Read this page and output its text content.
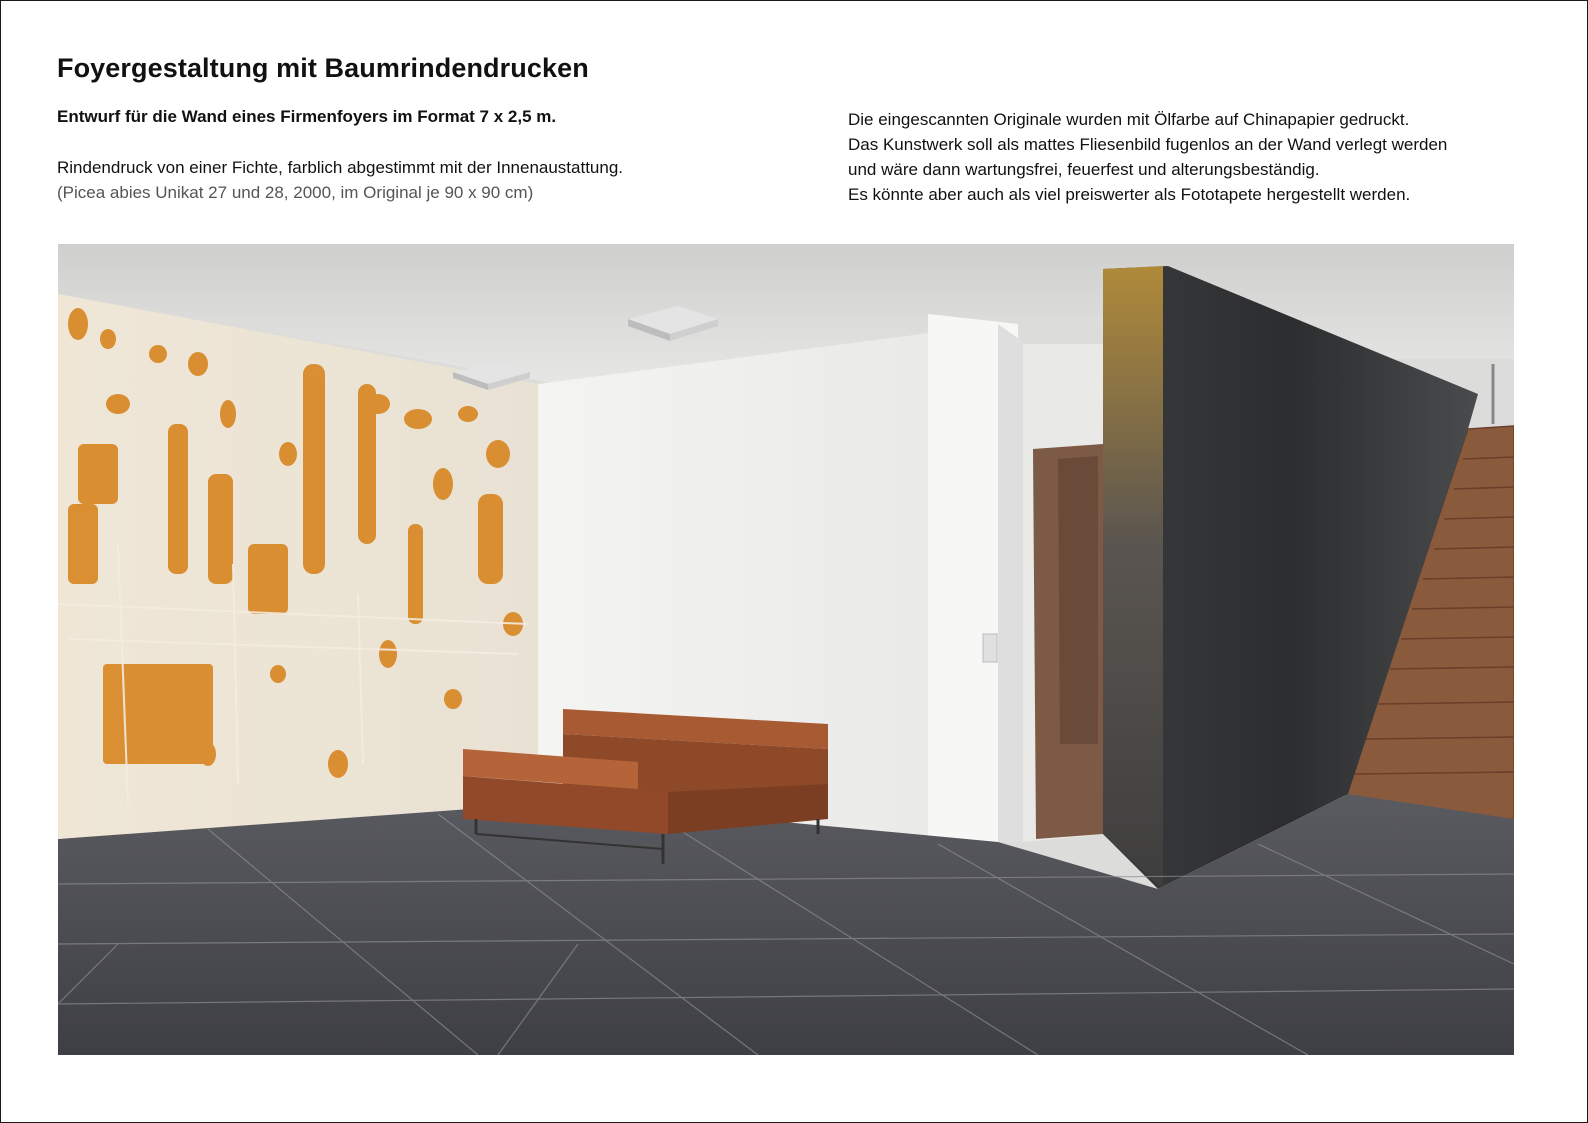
Foyergestaltung mit Baumrindendrucken

Entwurf für die Wand eines Firmenfoyers im Format 7 x 2,5 m.

Rindendruck von einer Fichte, farblich abgestimmt mit der Innenaustattung.

(Picea abies Unikat 27 und 28, 2000, im Original je 90 x 90 cm)

Die eingescannten Originale wurden mit Ölfarbe auf Chinapapier gedruckt.

Das Kunstwerk soll als mattes Fliesenbild fugenlos an der Wand verlegt werden

und wäre dann wartungsfrei, feuerfest und alterungsbeständig.

Es könnte aber auch als viel preiswerter als Fototapete hergestellt werden.
